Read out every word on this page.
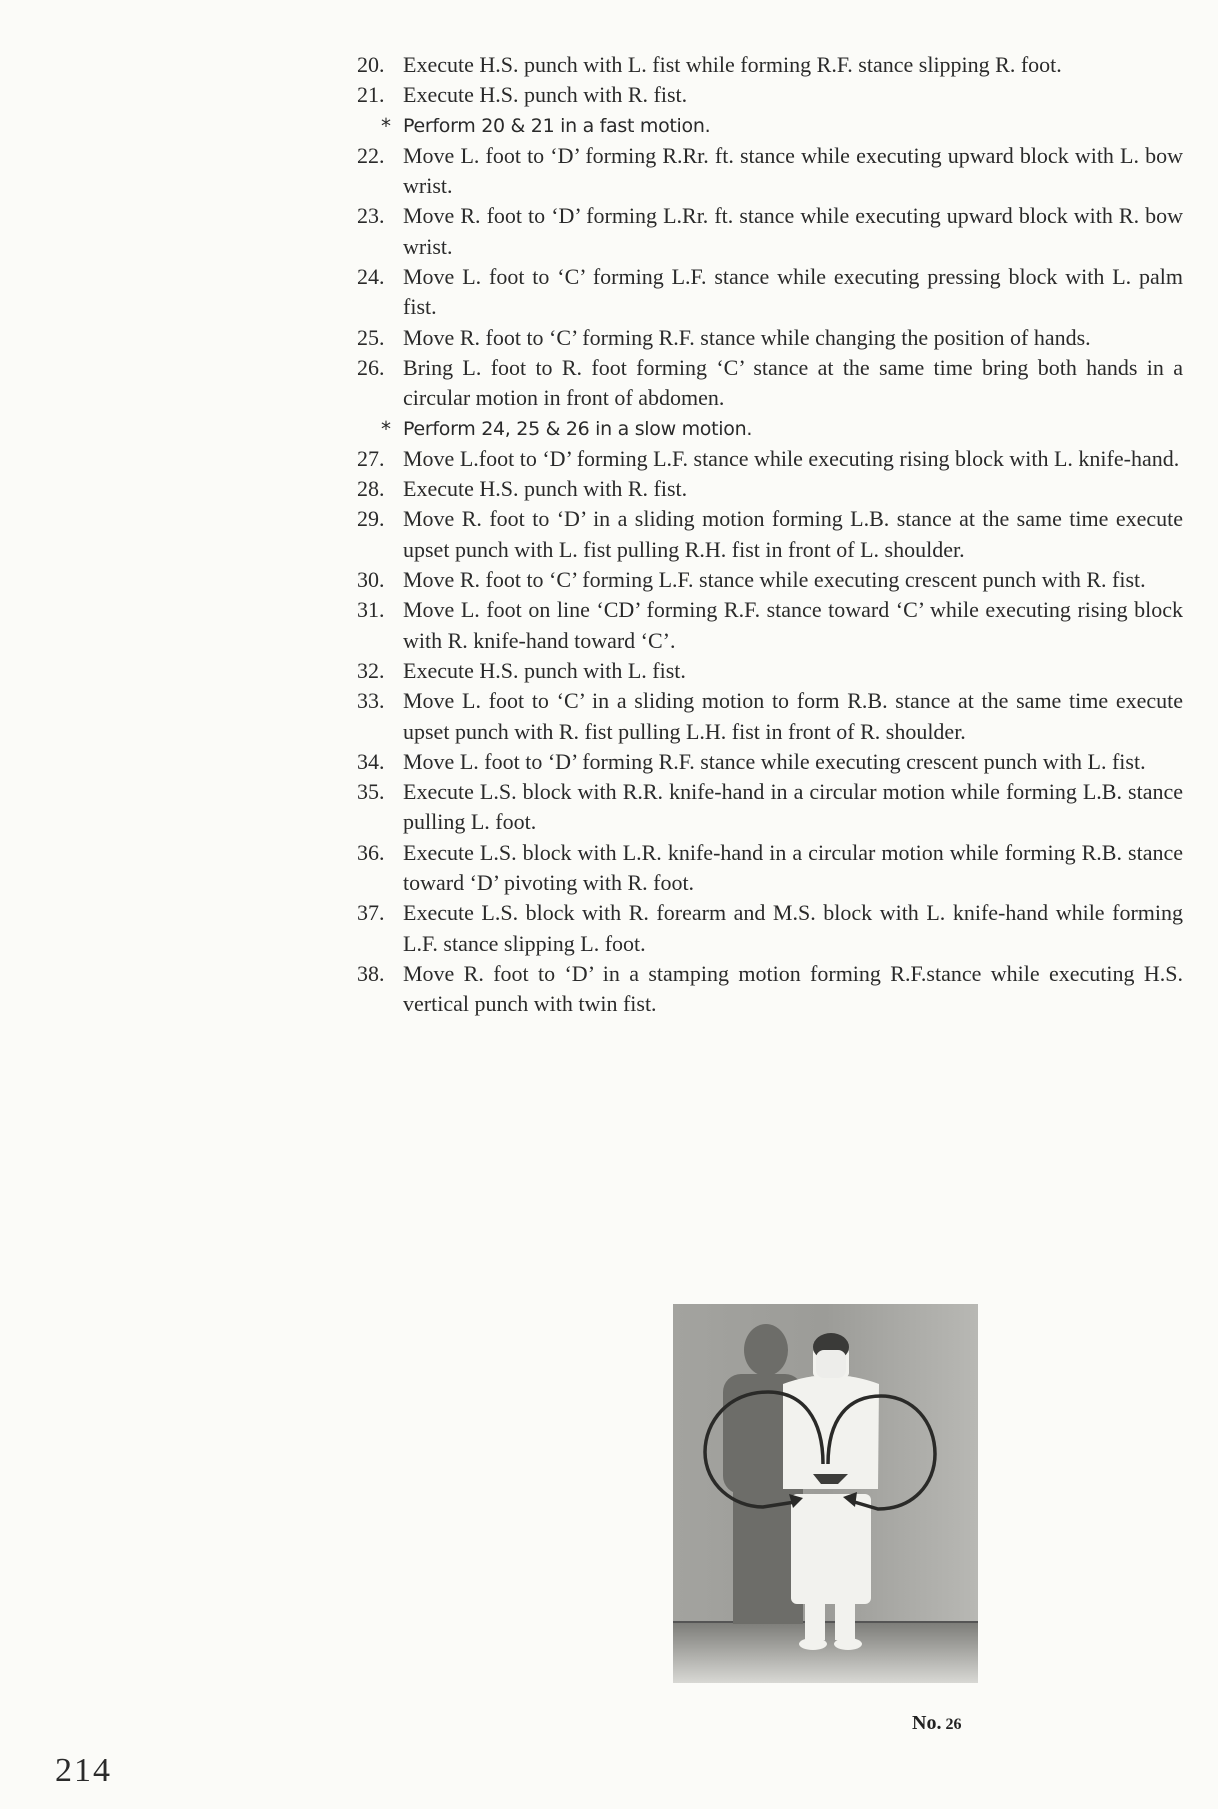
20. Execute H.S. punch with L. fist while forming R.F. stance slipping R. foot.
21. Execute H.S. punch with R. fist.
* Perform 20 & 21 in a fast motion.
22. Move L. foot to ‘D’ forming R.Rr. ft. stance while executing upward block with L. bow wrist.
23. Move R. foot to ‘D’ forming L.Rr. ft. stance while executing upward block with R. bow wrist.
24. Move L. foot to ‘C’ forming L.F. stance while executing pressing block with L. palm fist.
25. Move R. foot to ‘C’ forming R.F. stance while changing the position of hands.
26. Bring L. foot to R. foot forming ‘C’ stance at the same time bring both hands in a circular motion in front of abdomen.
* Perform 24, 25 & 26 in a slow motion.
27. Move L.foot to ‘D’ forming L.F. stance while executing rising block with L. knife-hand.
28. Execute H.S. punch with R. fist.
29. Move R. foot to ‘D’ in a sliding motion forming L.B. stance at the same time execute upset punch with L. fist pulling R.H. fist in front of L. shoulder.
30. Move R. foot to ‘C’ forming L.F. stance while executing crescent punch with R. fist.
31. Move L. foot on line ‘CD’ forming R.F. stance toward ‘C’ while executing rising block with R. knife-hand toward ‘C’.
32. Execute H.S. punch with L. fist.
33. Move L. foot to ‘C’ in a sliding motion to form R.B. stance at the same time execute upset punch with R. fist pulling L.H. fist in front of R. shoulder.
34. Move L. foot to ‘D’ forming R.F. stance while executing crescent punch with L. fist.
35. Execute L.S. block with R.R. knife-hand in a circular motion while forming L.B. stance pulling L. foot.
36. Execute L.S. block with L.R. knife-hand in a circular motion while forming R.B. stance toward ‘D’ pivoting with R. foot.
37. Execute L.S. block with R. forearm and M.S. block with L. knife-hand while forming L.F. stance slipping L. foot.
38. Move R. foot to ‘D’ in a stamping motion forming R.F.stance while executing H.S. vertical punch with twin fist.
No. 26
214
